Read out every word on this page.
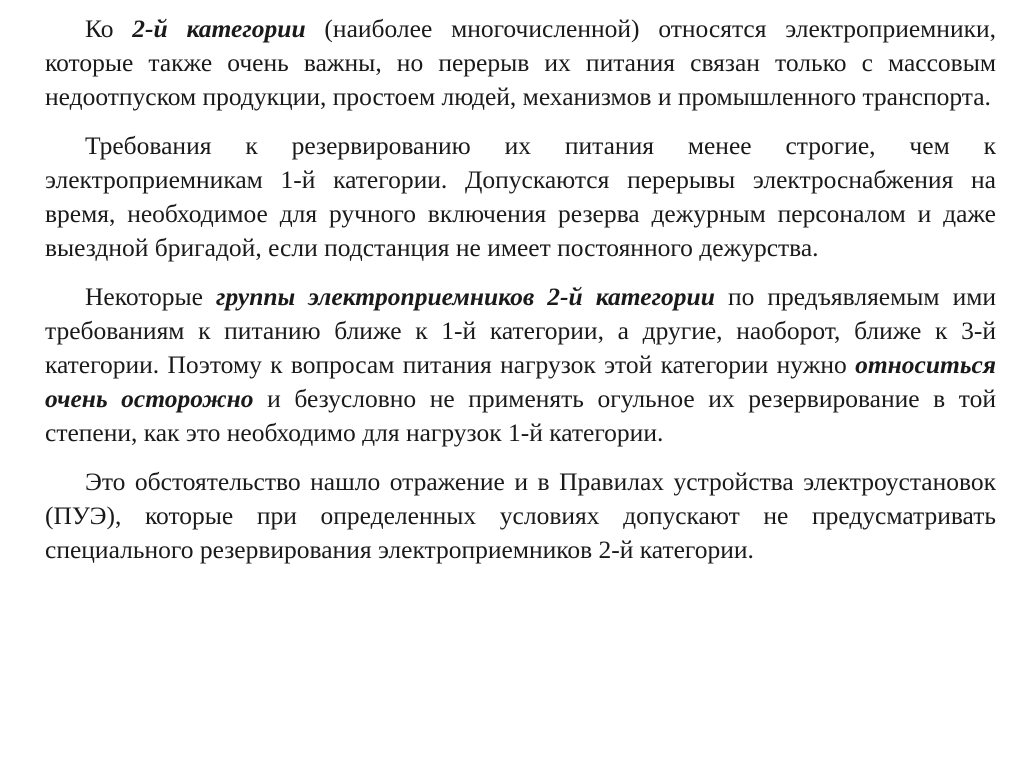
Ко 2-й категории (наиболее многочисленной) относятся электроприемники, которые также очень важны, но перерыв их питания связан только с массовым недоотпуском продукции, простоем людей, механизмов и промышленного транспорта.

Требования к резервированию их питания менее строгие, чем к электроприемникам 1-й категории. Допускаются перерывы электроснабжения на время, необходимое для ручного включения резерва дежурным персоналом и даже выездной бригадой, если подстанция не имеет постоянного дежурства.

Некоторые группы электроприемников 2-й категории по предъявляемым ими требованиям к питанию ближе к 1-й категории, а другие, наоборот, ближе к 3-й категории. Поэтому к вопросам питания нагрузок этой категории нужно относиться очень осторожно и безусловно не применять огульное их резервирование в той степени, как это необходимо для нагрузок 1-й категории.

Это обстоятельство нашло отражение и в Правилах устройства электроустановок (ПУЭ), которые при определенных условиях допускают не предусматривать специального резервирования электроприемников 2-й категории.
